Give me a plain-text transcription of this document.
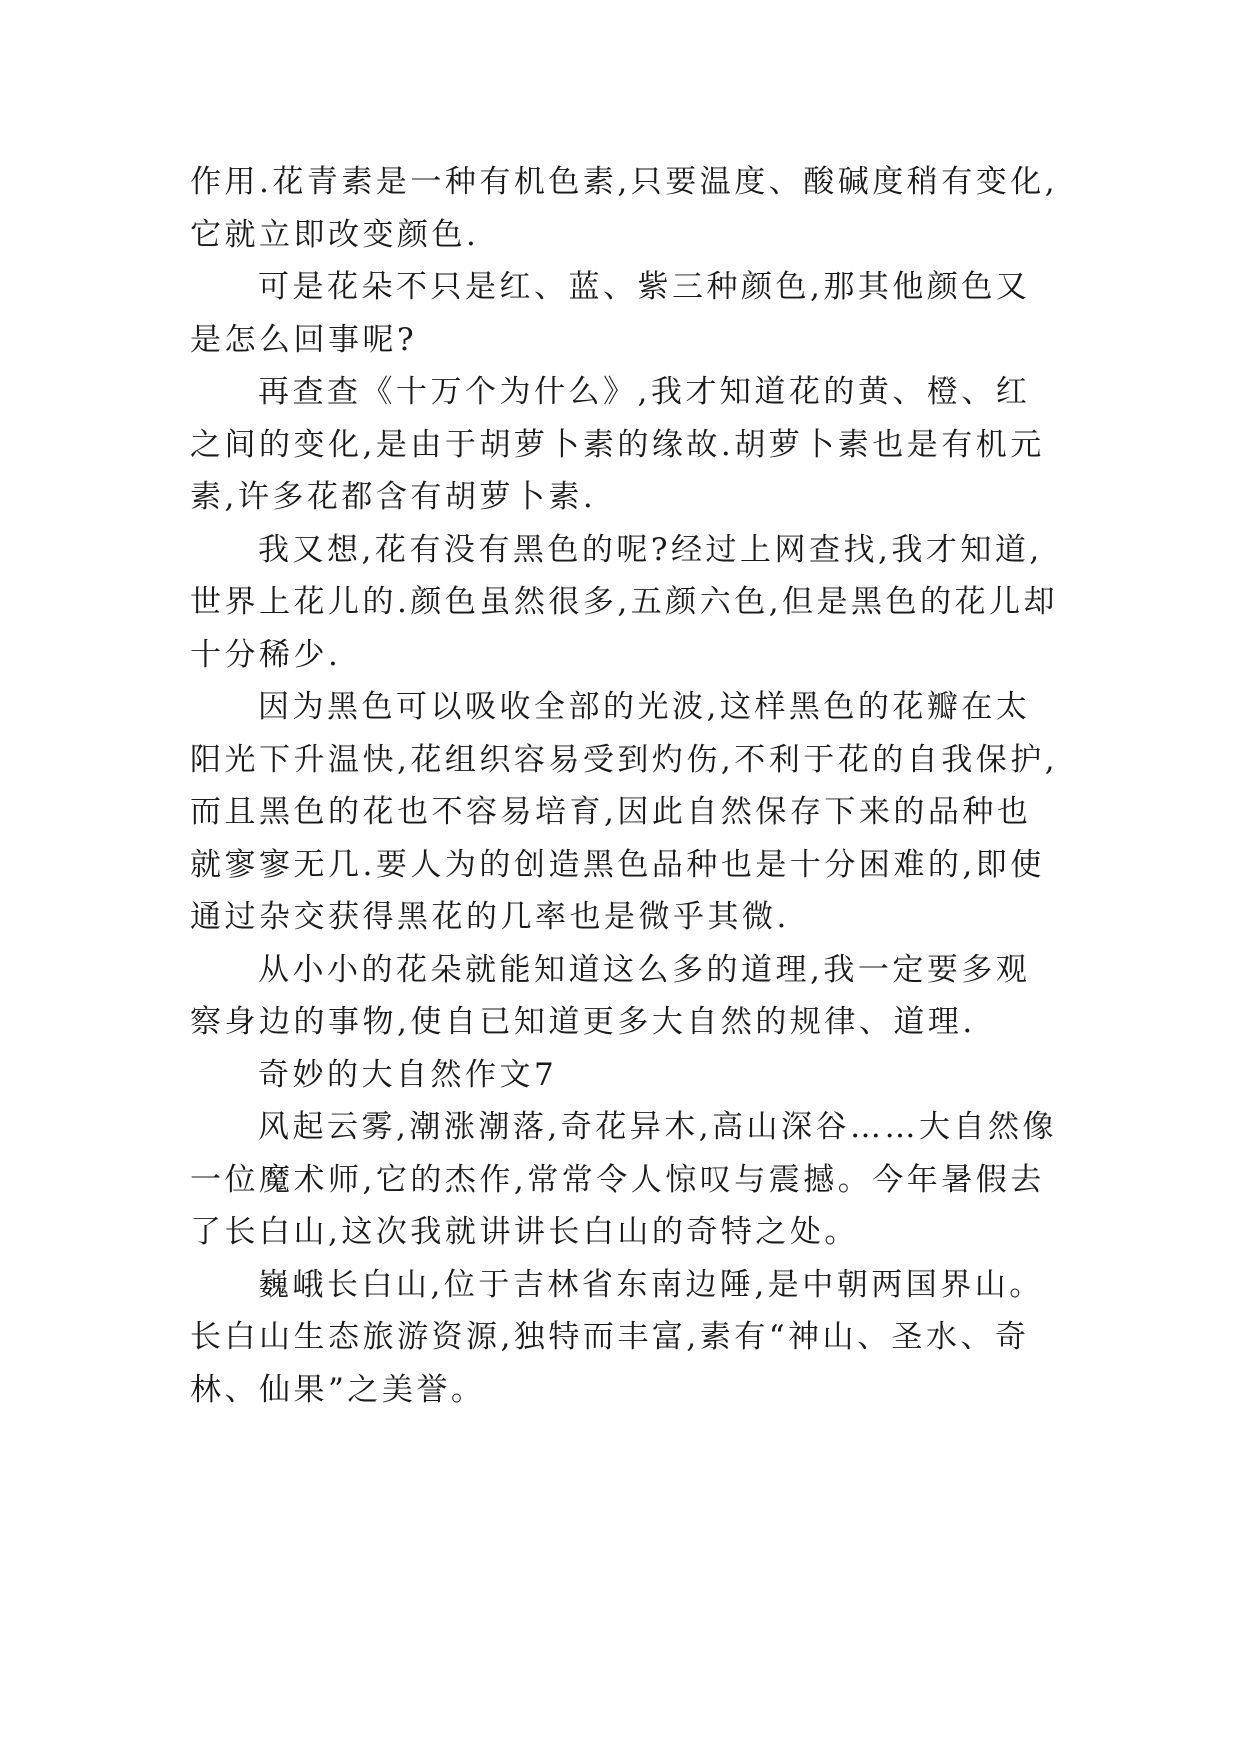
作用.花青素是一种有机色素,只要温度、酸碱度稍有变化,它就立即改变颜色.

可是花朵不只是红、蓝、紫三种颜色,那其他颜色又是怎么回事呢?

再查查《十万个为什么》,我才知道花的黄、橙、红之间的变化,是由于胡萝卜素的缘故.胡萝卜素也是有机元素,许多花都含有胡萝卜素.

我又想,花有没有黑色的呢?经过上网查找,我才知道,世界上花儿的.颜色虽然很多,五颜六色,但是黑色的花儿却十分稀少.

因为黑色可以吸收全部的光波,这样黑色的花瓣在太阳光下升温快,花组织容易受到灼伤,不利于花的自我保护,而且黑色的花也不容易培育,因此自然保存下来的品种也就寥寥无几.要人为的创造黑色品种也是十分困难的,即使通过杂交获得黑花的几率也是微乎其微.

从小小的花朵就能知道这么多的道理,我一定要多观察身边的事物,使自已知道更多大自然的规律、道理.

奇妙的大自然作文7

风起云雾,潮涨潮落,奇花异木,高山深谷……大自然像一位魔术师,它的杰作,常常令人惊叹与震撼。今年暑假去了长白山,这次我就讲讲长白山的奇特之处。

巍峨长白山,位于吉林省东南边陲,是中朝两国界山。长白山生态旅游资源,独特而丰富,素有“神山、圣水、奇林、仙果”之美誉。
